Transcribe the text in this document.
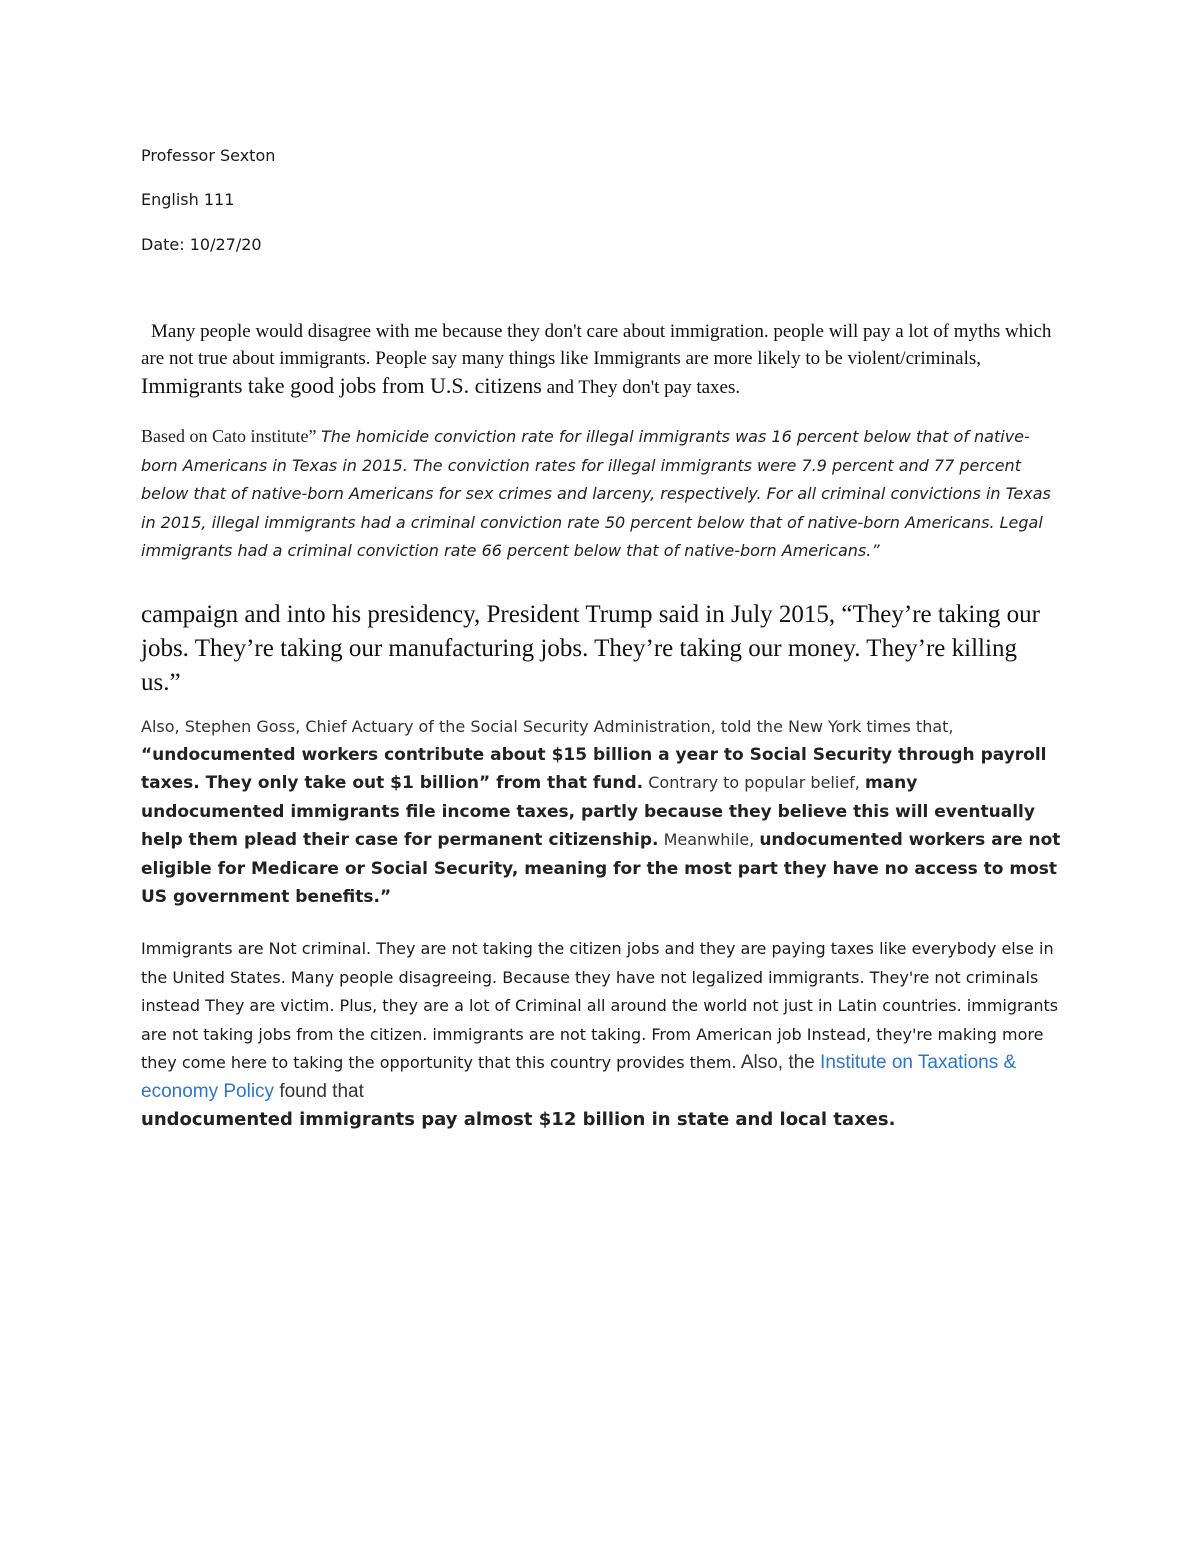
Professor Sexton
English 111
Date: 10/27/20
Many people would disagree with me because they don't care about immigration. people will pay a lot of myths which are not true about immigrants. People say many things like Immigrants are more likely to be violent/criminals, Immigrants take good jobs from U.S. citizens and They don't pay taxes.
Based on Cato institute” The homicide conviction rate for illegal immigrants was 16 percent below that of native-born Americans in Texas in 2015. The conviction rates for illegal immigrants were 7.9 percent and 77 percent below that of native-born Americans for sex crimes and larceny, respectively. For all criminal convictions in Texas in 2015, illegal immigrants had a criminal conviction rate 50 percent below that of native-born Americans. Legal immigrants had a criminal conviction rate 66 percent below that of native-born Americans.”
campaign and into his presidency, President Trump said in July 2015, “They’re taking our jobs. They’re taking our manufacturing jobs. They’re taking our money. They’re killing us.”
Also, Stephen Goss, Chief Actuary of the Social Security Administration, told the New York times that, “undocumented workers contribute about $15 billion a year to Social Security through payroll taxes. They only take out $1 billion” from that fund. Contrary to popular belief, many undocumented immigrants file income taxes, partly because they believe this will eventually help them plead their case for permanent citizenship. Meanwhile, undocumented workers are not eligible for Medicare or Social Security, meaning for the most part they have no access to most US government benefits.”
Immigrants are Not criminal. They are not taking the citizen jobs and they are paying taxes like everybody else in the United States. Many people disagreeing. Because they have not legalized immigrants. They're not criminals instead They are victim. Plus, they are a lot of Criminal all around the world not just in Latin countries. immigrants are not taking jobs from the citizen. immigrants are not taking. From American job Instead, they're making more they come here to taking the opportunity that this country provides them. Also, the Institute on Taxations & economy Policy found that
undocumented immigrants pay almost $12 billion in state and local taxes.
